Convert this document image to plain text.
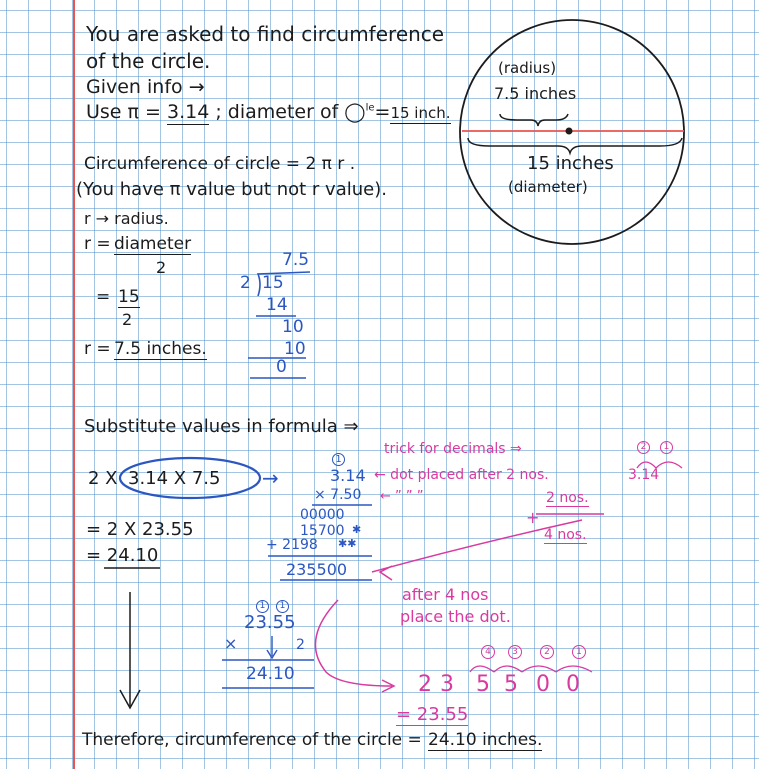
You are asked to find circumference
of the circle.
Given info →
Use π = 3.14 ; diameter of ◯$^{le}$=15 inch.
(radius)
7.5 inches
15 inches
(diameter)
Circumference of circle = 2 π r .
(You have π value but not r value).
r → radius.
r = diameter
2
= 15
2
r = 7.5 inches.
7.5
2 15
14
10
10
0
Substitute values in formula ⇒
2 X 3.14 X 7.5 →
= 2 X 23.55
= 24.10
1
3.14
× 7.50
00000
15700 ✱
+ 2198 ✱✱
235500
trick for decimals ⇒
← dot placed after 2 nos.
← ” ” ”	2 nos.
+
4 nos.
after 4 nos
place the dot.
3.14
2	1
2 3 5 5 0 0
4	3	2	1
= 23.55
1	1
23.55
×	2
24.10
Therefore, circumference of the circle = 24.10 inches.
